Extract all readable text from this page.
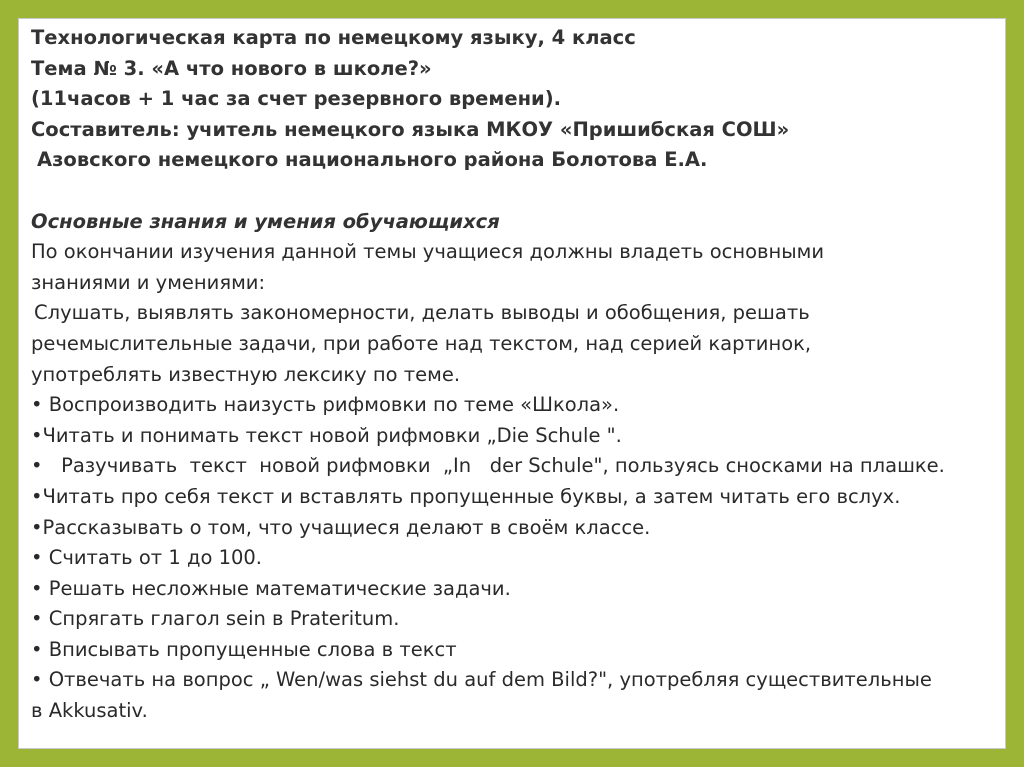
Технологическая карта по немецкому языку, 4 класс
Тема № 3. «А что нового в школе?»
(11часов + 1 час за счет резервного времени).
Составитель: учитель немецкого языка МКОУ «Пришибская СОШ»
Азовского немецкого национального района Болотова Е.А.
Основные знания и умения обучающихся
По окончании изучения данной темы учащиеся должны владеть основными
знаниями и умениями:
Слушать, выявлять закономерности, делать выводы и обобщения, решать
речемыслительные задачи, при работе над текстом, над серией картинок,
употреблять известную лексику по теме.
• Воспроизводить наизусть рифмовки по теме «Школа».
•Читать и понимать текст новой рифмовки „Die Schule ".
•   Разучивать  текст  новой рифмовки  „In   der Schule", пользуясь сносками на плашке.
•Читать про себя текст и вставлять пропущенные буквы, а затем читать его вслух.
•Рассказывать о том, что учащиеся делают в своём классе.
• Считать от 1 до 100.
• Решать несложные математические задачи.
• Спрягать глагол sein в Prateritum.
• Вписывать пропущенные слова в текст
• Отвечать на вопрос „ Wen/was siehst du auf dem Bild?", употребляя существительные
в Akkusativ.
